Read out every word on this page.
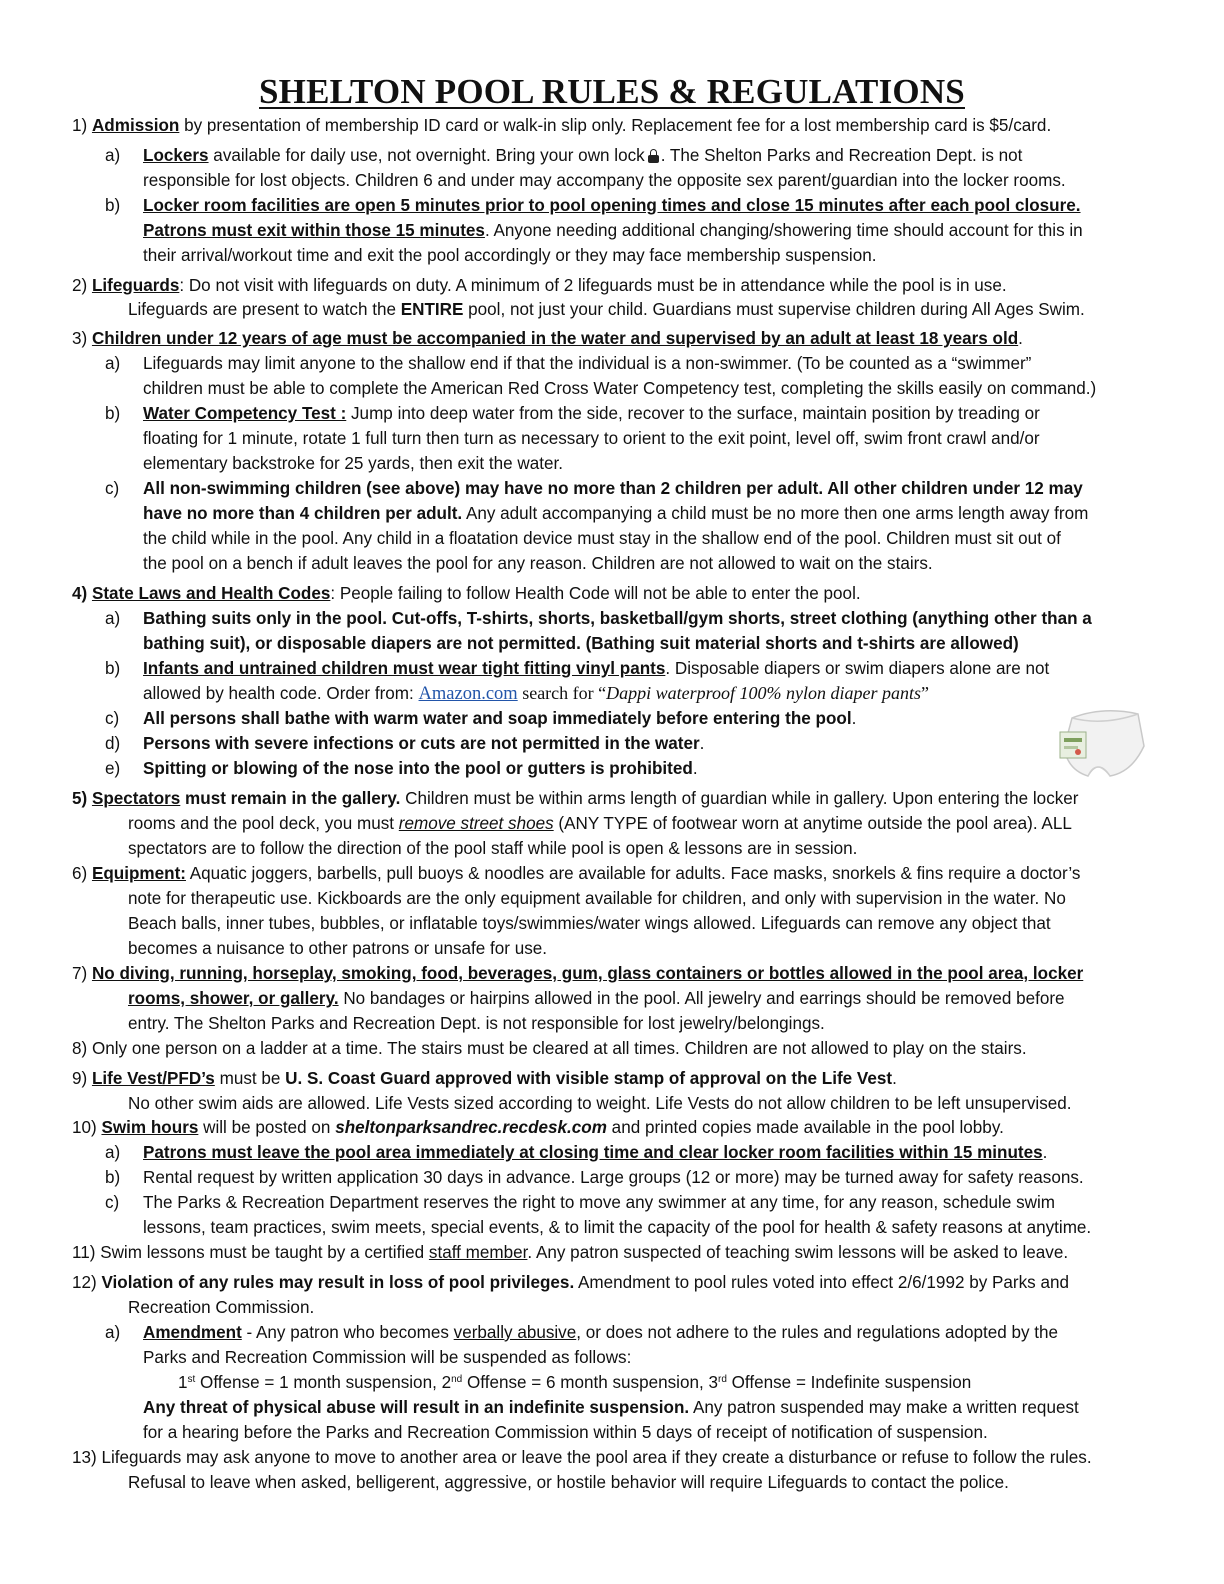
SHELTON POOL RULES & REGULATIONS
1) Admission by presentation of membership ID card or walk-in slip only. Replacement fee for a lost membership card is $5/card.
a) Lockers available for daily use, not overnight. Bring your own lock . The Shelton Parks and Recreation Dept. is not
responsible for lost objects. Children 6 and under may accompany the opposite sex parent/guardian into the locker rooms.
b) Locker room facilities are open 5 minutes prior to pool opening times and close 15 minutes after each pool closure.
Patrons must exit within those 15 minutes. Anyone needing additional changing/showering time should account for this in
their arrival/workout time and exit the pool accordingly or they may face membership suspension.
2) Lifeguards: Do not visit with lifeguards on duty. A minimum of 2 lifeguards must be in attendance while the pool is in use.
Lifeguards are present to watch the ENTIRE pool, not just your child. Guardians must supervise children during All Ages Swim.
3) Children under 12 years of age must be accompanied in the water and supervised by an adult at least 18 years old.
a) Lifeguards may limit anyone to the shallow end if that the individual is a non-swimmer. (To be counted as a “swimmer”
children must be able to complete the American Red Cross Water Competency test, completing the skills easily on command.)
b) Water Competency Test : Jump into deep water from the side, recover to the surface, maintain position by treading or
floating for 1 minute, rotate 1 full turn then turn as necessary to orient to the exit point, level off, swim front crawl and/or
elementary backstroke for 25 yards, then exit the water.
c) All non-swimming children (see above) may have no more than 2 children per adult. All other children under 12 may
have no more than 4 children per adult. Any adult accompanying a child must be no more then one arms length away from
the child while in the pool. Any child in a floatation device must stay in the shallow end of the pool. Children must sit out of
the pool on a bench if adult leaves the pool for any reason. Children are not allowed to wait on the stairs.
4) State Laws and Health Codes: People failing to follow Health Code will not be able to enter the pool.
a) Bathing suits only in the pool. Cut-offs, T-shirts, shorts, basketball/gym shorts, street clothing (anything other than a
bathing suit), or disposable diapers are not permitted. (Bathing suit material shorts and t-shirts are allowed)
b) Infants and untrained children must wear tight fitting vinyl pants. Disposable diapers or swim diapers alone are not
allowed by health code. Order from: Amazon.com search for “Dappi waterproof 100% nylon diaper pants”
c) All persons shall bathe with warm water and soap immediately before entering the pool.
d) Persons with severe infections or cuts are not permitted in the water.
e) Spitting or blowing of the nose into the pool or gutters is prohibited.
5) Spectators must remain in the gallery. Children must be within arms length of guardian while in gallery. Upon entering the locker
rooms and the pool deck, you must remove street shoes (ANY TYPE of footwear worn at anytime outside the pool area). ALL
spectators are to follow the direction of the pool staff while pool is open & lessons are in session.
6) Equipment: Aquatic joggers, barbells, pull buoys & noodles are available for adults. Face masks, snorkels & fins require a doctor’s
note for therapeutic use. Kickboards are the only equipment available for children, and only with supervision in the water. No
Beach balls, inner tubes, bubbles, or inflatable toys/swimmies/water wings allowed. Lifeguards can remove any object that
becomes a nuisance to other patrons or unsafe for use.
7) No diving, running, horseplay, smoking, food, beverages, gum, glass containers or bottles allowed in the pool area, locker
rooms, shower, or gallery. No bandages or hairpins allowed in the pool. All jewelry and earrings should be removed before
entry. The Shelton Parks and Recreation Dept. is not responsible for lost jewelry/belongings.
8) Only one person on a ladder at a time. The stairs must be cleared at all times. Children are not allowed to play on the stairs.
9) Life Vest/PFD’s must be U. S. Coast Guard approved with visible stamp of approval on the Life Vest.
No other swim aids are allowed. Life Vests sized according to weight. Life Vests do not allow children to be left unsupervised.
10) Swim hours will be posted on sheltonparksandrec.recdesk.com and printed copies made available in the pool lobby.
a) Patrons must leave the pool area immediately at closing time and clear locker room facilities within 15 minutes.
b) Rental request by written application 30 days in advance. Large groups (12 or more) may be turned away for safety reasons.
c) The Parks & Recreation Department reserves the right to move any swimmer at any time, for any reason, schedule swim
lessons, team practices, swim meets, special events, & to limit the capacity of the pool for health & safety reasons at anytime.
11) Swim lessons must be taught by a certified staff member. Any patron suspected of teaching swim lessons will be asked to leave.
12) Violation of any rules may result in loss of pool privileges. Amendment to pool rules voted into effect 2/6/1992 by Parks and
Recreation Commission.
a) Amendment - Any patron who becomes verbally abusive, or does not adhere to the rules and regulations adopted by the
Parks and Recreation Commission will be suspended as follows:
1st Offense = 1 month suspension, 2nd Offense = 6 month suspension, 3rd Offense = Indefinite suspension
Any threat of physical abuse will result in an indefinite suspension. Any patron suspended may make a written request
for a hearing before the Parks and Recreation Commission within 5 days of receipt of notification of suspension.
13) Lifeguards may ask anyone to move to another area or leave the pool area if they create a disturbance or refuse to follow the rules.
Refusal to leave when asked, belligerent, aggressive, or hostile behavior will require Lifeguards to contact the police.
